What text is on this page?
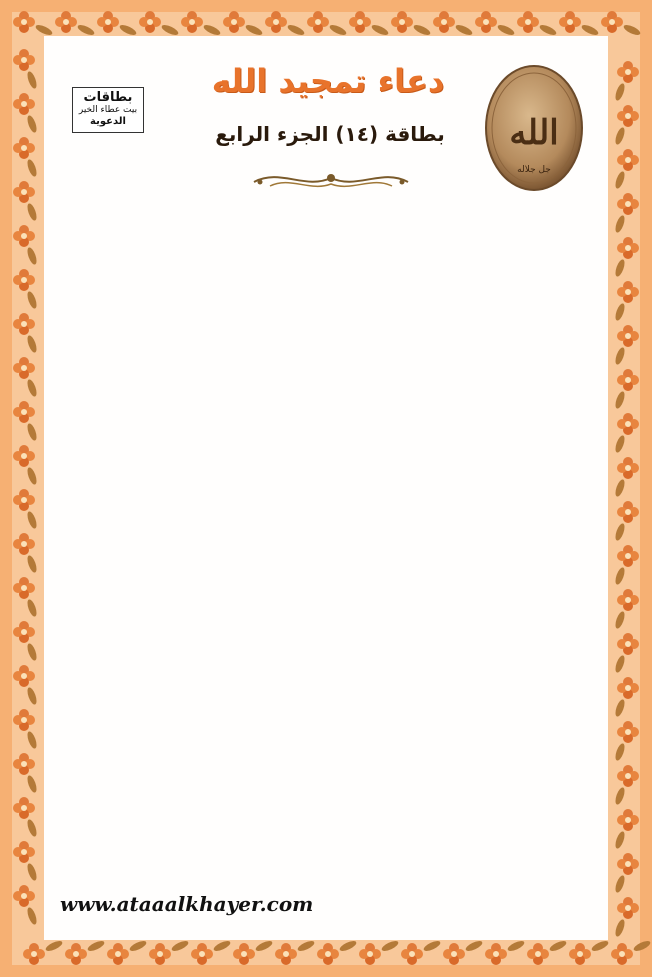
دعاء تمجيد الله
بطاقة (١٤) الجزء الرابع
بطاقات
بيت عطاء الخير
الدعوية	الله
جل جلاله
www.ataaalkhayer.com
